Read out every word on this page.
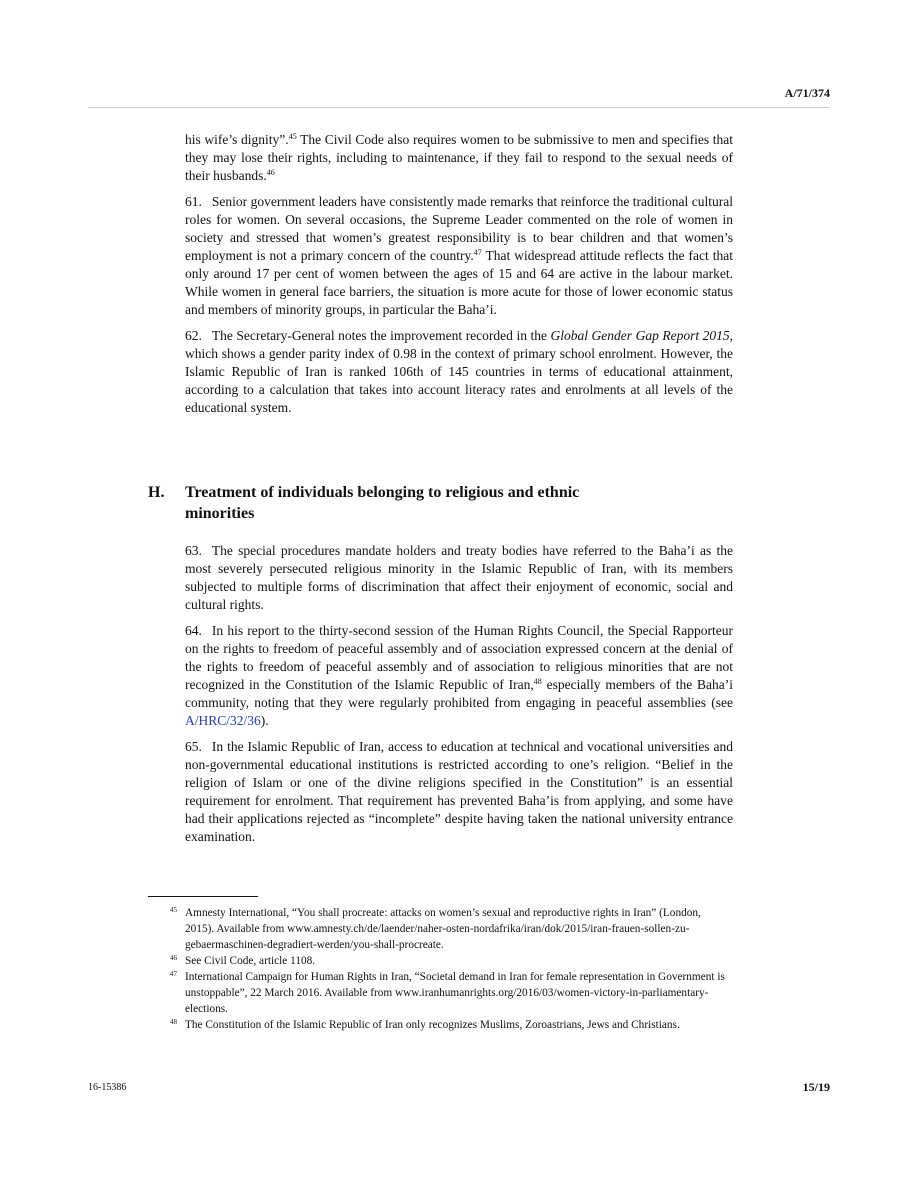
A/71/374

his wife’s dignity”.$^{45}$ The Civil Code also requires women to be submissive to men and specifies that they may lose their rights, including to maintenance, if they fail to respond to the sexual needs of their husbands.$^{46}$

61. Senior government leaders have consistently made remarks that reinforce the traditional cultural roles for women. On several occasions, the Supreme Leader commented on the role of women in society and stressed that women’s greatest responsibility is to bear children and that women’s employment is not a primary concern of the country.$^{47}$ That widespread attitude reflects the fact that only around 17 per cent of women between the ages of 15 and 64 are active in the labour market. While women in general face barriers, the situation is more acute for those of lower economic status and members of minority groups, in particular the Baha’i.

62. The Secretary-General notes the improvement recorded in the Global Gender Gap Report 2015, which shows a gender parity index of 0.98 in the context of primary school enrolment. However, the Islamic Republic of Iran is ranked 106th of 145 countries in terms of educational attainment, according to a calculation that takes into account literacy rates and enrolments at all levels of the educational system.

H. Treatment of individuals belonging to religious and ethnic minorities

63. The special procedures mandate holders and treaty bodies have referred to the Baha’i as the most severely persecuted religious minority in the Islamic Republic of Iran, with its members subjected to multiple forms of discrimination that affect their enjoyment of economic, social and cultural rights.

64. In his report to the thirty-second session of the Human Rights Council, the Special Rapporteur on the rights to freedom of peaceful assembly and of association expressed concern at the denial of the rights to freedom of peaceful assembly and of association to religious minorities that are not recognized in the Constitution of the Islamic Republic of Iran,$^{48}$ especially members of the Baha’i community, noting that they were regularly prohibited from engaging in peaceful assemblies (see A/HRC/32/36).

65. In the Islamic Republic of Iran, access to education at technical and vocational universities and non-governmental educational institutions is restricted according to one’s religion. “Belief in the religion of Islam or one of the divine religions specified in the Constitution” is an essential requirement for enrolment. That requirement has prevented Baha’is from applying, and some have had their applications rejected as “incomplete” despite having taken the national university entrance examination.

45 Amnesty International, “You shall procreate: attacks on women’s sexual and reproductive rights in Iran” (London, 2015). Available from www.amnesty.ch/de/laender/naher-osten-nordafrika/iran/dok/2015/iran-frauen-sollen-zu-gebaermaschinen-degradiert-werden/you-shall-procreate.
46 See Civil Code, article 1108.
47 International Campaign for Human Rights in Iran, “Societal demand in Iran for female representation in Government is unstoppable”, 22 March 2016. Available from www.iranhumanrights.org/2016/03/women-victory-in-parliamentary-elections.
48 The Constitution of the Islamic Republic of Iran only recognizes Muslims, Zoroastrians, Jews and Christians.
16-15386	15/19
